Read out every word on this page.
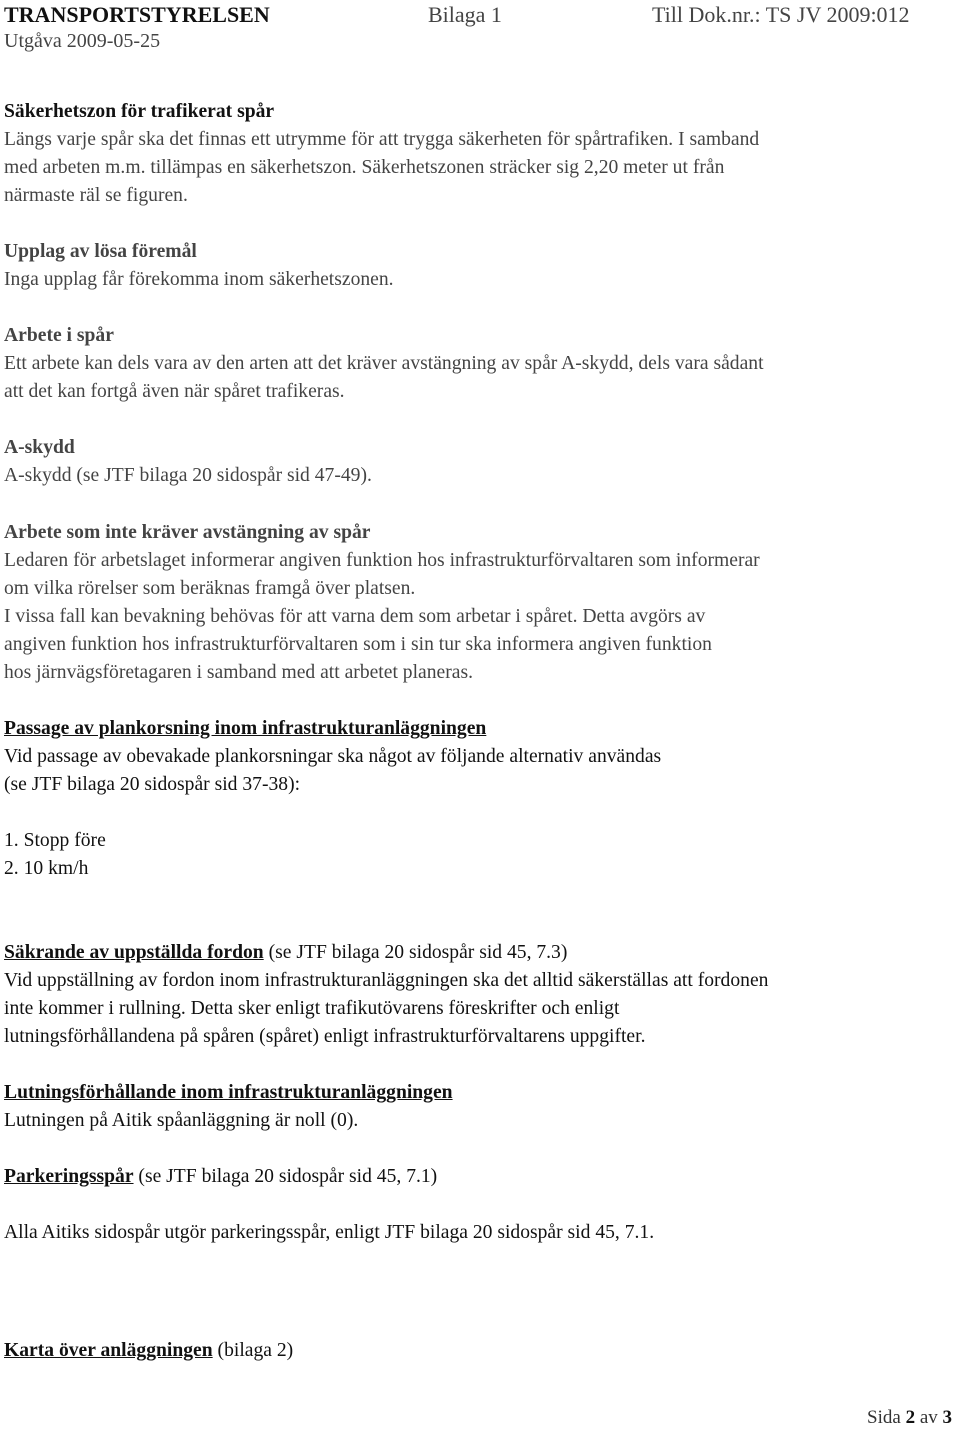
TRANSPORTSTYRELSEN	Bilaga 1	Till Dok.nr.: TS JV 2009:012
Utgåva 2009-05-25
Säkerhetszon för trafikerat spår
Längs varje spår ska det finnas ett utrymme för att trygga säkerheten för spårtrafiken. I samband
med arbeten m.m. tillämpas en säkerhetszon. Säkerhetszonen sträcker sig 2,20 meter ut från
närmaste räl se figuren.
Upplag av lösa föremål
Inga upplag får förekomma inom säkerhetszonen.
Arbete i spår
Ett arbete kan dels vara av den arten att det kräver avstängning av spår A-skydd, dels vara sådant
att det kan fortgå även när spåret trafikeras.
A-skydd
A-skydd (se JTF bilaga 20 sidospår sid 47-49).
Arbete som inte kräver avstängning av spår
Ledaren för arbetslaget informerar angiven funktion hos infrastrukturförvaltaren som informerar
om vilka rörelser som beräknas framgå över platsen.
I vissa fall kan bevakning behövas för att varna dem som arbetar i spåret. Detta avgörs av
angiven funktion hos infrastrukturförvaltaren som i sin tur ska informera angiven funktion
hos järnvägsföretagaren i samband med att arbetet planeras.
Passage av plankorsning inom infrastrukturanläggningen
Vid passage av obevakade plankorsningar ska något av följande alternativ användas
(se JTF bilaga 20 sidospår sid 37-38):
1. Stopp före
2. 10 km/h
Säkrande av uppställda fordon (se JTF bilaga 20 sidospår sid 45, 7.3)
Vid uppställning av fordon inom infrastrukturanläggningen ska det alltid säkerställas att fordonen
inte kommer i rullning. Detta sker enligt trafikutövarens föreskrifter och enligt
lutningsförhållandena på spåren (spåret) enligt infrastrukturförvaltarens uppgifter.
Lutningsförhållande inom infrastrukturanläggningen
Lutningen på Aitik spåanläggning är noll (0).
Parkeringsspår (se JTF bilaga 20 sidospår sid 45, 7.1)
Alla Aitiks sidospår utgör parkeringsspår, enligt JTF bilaga 20 sidospår sid 45, 7.1.
Karta över anläggningen (bilaga 2)
Sida 2 av 3
